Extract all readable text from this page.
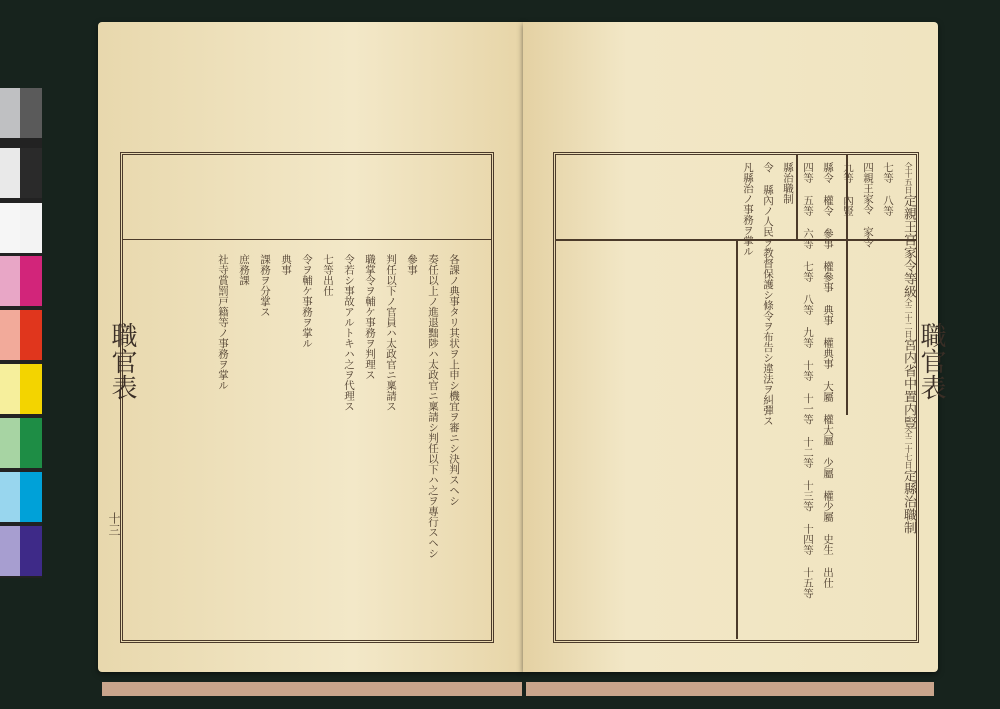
職官表
十三
各課ノ典事タリ其状ヲ上申シ機宜ヲ審ニシ決判スヘシ
奏任以上ノ進退黜陟ハ太政官ニ稟請シ判任以下ハ之ヲ專行スヘシ
參事
判任以下ノ官員ハ太政官ニ稟請ス
職掌令ヲ輔ケ事務ヲ判理ス
令若シ事故アルトキハ之ヲ代理ス
七等出仕
令ヲ輔ケ事務ヲ掌ル
典事
課務ヲ分掌ス
庶務課
社寺賞罰戸籍等ノ事務ヲ掌ル	職官表
仝十五日
定親王宮家令等級
仝二十二日
宮内省中置内豎
仝二十七日
定縣治職制
七等 八等
四親王家令 家令
九等 內豎
縣令 權令 參事 權參事 典事 權典事 大屬 權大屬 少屬 權少屬 史生 出仕
四等 五等 六等 七等 八等 九等 十等 十一等 十二等 十三等 十四等 十五等
縣治職制
令 縣內ノ人民ヲ教督保護シ條令ヲ布告シ違法ヲ糾彈ス
凡縣治ノ事務ヲ掌ル
